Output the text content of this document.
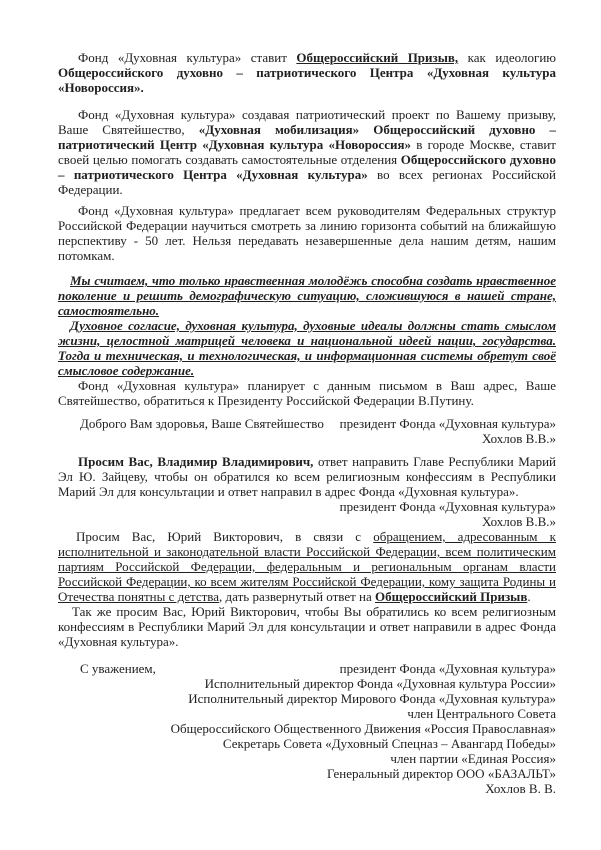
Фонд «Духовная культура» ставит Общероссийский Призыв, как идеологию Общероссийского духовно – патриотического Центра «Духовная культура «Новороссия».

Фонд «Духовная культура» создавая патриотический проект по Вашему призыву, Ваше Святейшество, «Духовная мобилизация» Общероссийский духовно – патриотический Центр «Духовная культура «Новороссия» в городе Москве, ставит своей целью помогать создавать самостоятельные отделения Общероссийского духовно – патриотического Центра «Духовная культура» во всех регионах Российской Федерации.

Фонд «Духовная культура» предлагает всем руководителям Федеральных структур Российской Федерации научиться смотреть за линию горизонта событий на ближайшую перспективу - 50 лет. Нельзя передавать незавершенные дела нашим детям, нашим потомкам.

Мы считаем, что только нравственная молодёжь способна создать нравственное поколение и решить демографическую ситуацию, сложившуюся в нашей стране, самостоятельно.

Духовное согласие, духовная культура, духовные идеалы должны стать смыслом жизни, целостной матрицей человека и национальной идеей нации, государства. Тогда и техническая, и технологическая, и информационная системы обретут своё смысловое содержание.

Фонд «Духовная культура» планирует с данным письмом в Ваш адрес, Ваше Святейшество, обратиться к Президенту Российской Федерации В.Путину.

Доброго Вам здоровья, Ваше Святейшество президент Фонда «Духовная культура»

Хохлов В.В.»

Просим Вас, Владимир Владимирович, ответ направить Главе Республики Марий Эл Ю. Зайцеву, чтобы он обратился ко всем религиозным конфессиям в Республики Марий Эл для консультации и ответ направил в адрес Фонда «Духовная культура».

президент Фонда «Духовная культура»

Хохлов В.В.»

Просим Вас, Юрий Викторович, в связи с обращением, адресованным к исполнительной и законодательной власти Российской Федерации, всем политическим партиям Российской Федерации, федеральным и региональным органам власти Российской Федерации, ко всем жителям Российской Федерации, кому защита Родины и Отечества понятны с детства, дать развернутый ответ на Общероссийский Призыв.

Так же просим Вас, Юрий Викторович, чтобы Вы обратились ко всем религиозным конфессиям в Республики Марий Эл для консультации и ответ направили в адрес Фонда «Духовная культура».

С уважением,	президент Фонда «Духовная культура»

Исполнительный директор Фонда «Духовная культура России»

Исполнительный директор Мирового Фонда «Духовная культура»

член Центрального Совета

Общероссийского Общественного Движения «Россия Православная»

Секретарь Совета «Духовный Спецназ – Авангард Победы»

член партии «Единая Россия»

Генеральный директор ООО «БАЗАЛЬТ»

Хохлов В. В.
